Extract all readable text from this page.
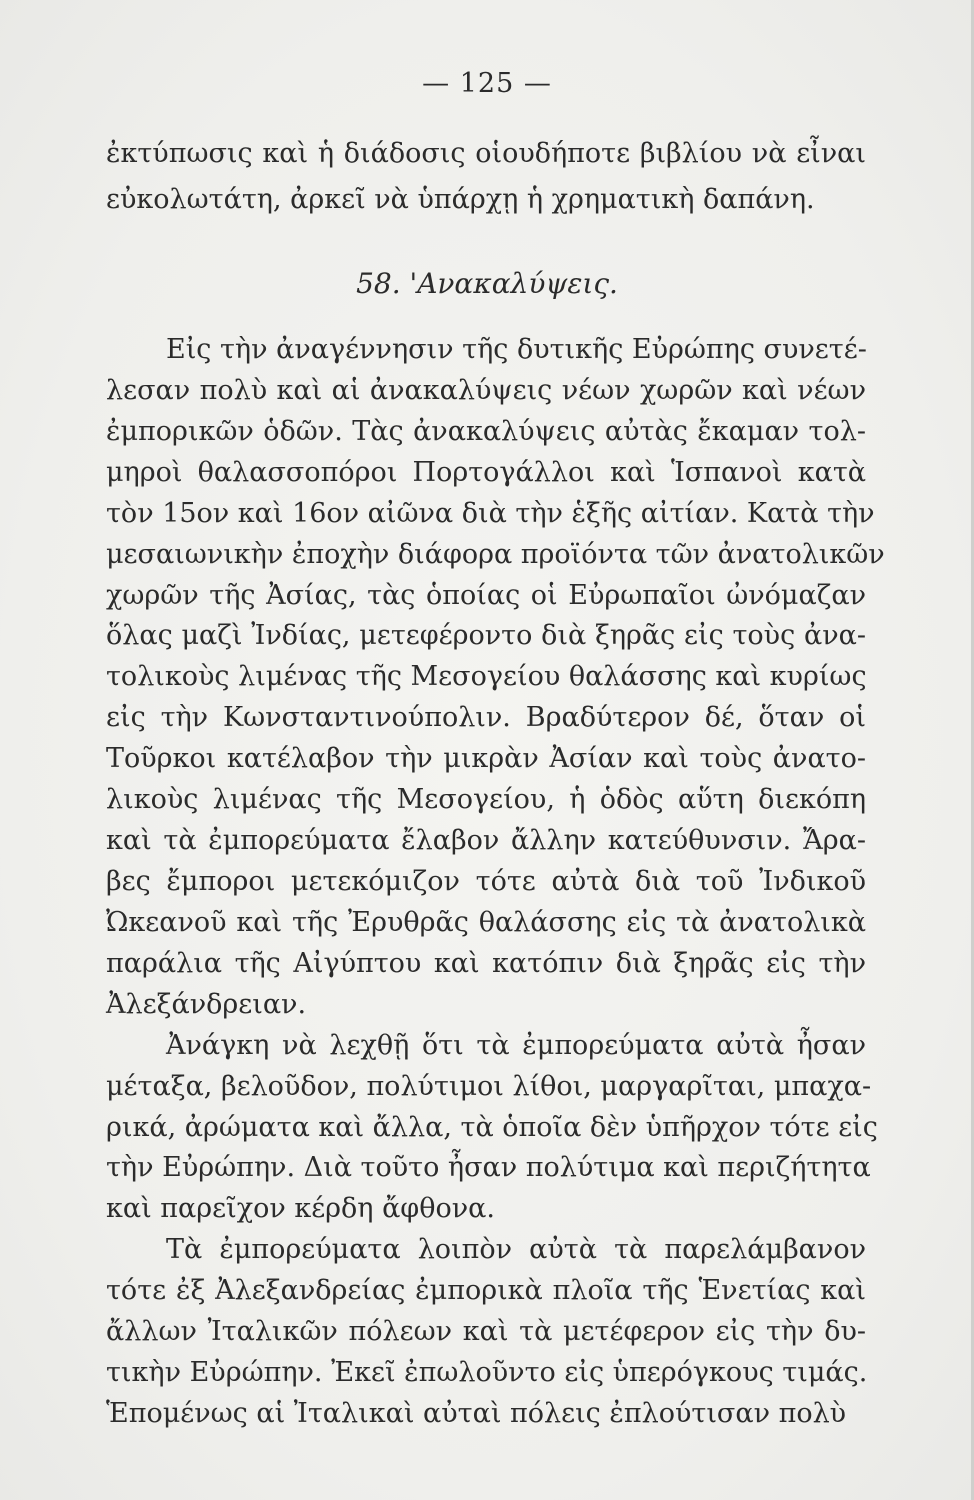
— 125 —
ἐκτύπωσις καὶ ἡ διάδοσις οἱουδήποτε βιβλίου νὰ εἶναι
εὐκολωτάτη, ἀρκεῖ νὰ ὑπάρχῃ ἡ χρηματικὴ δαπάνη.
58. 'Ανακαλύψεις.
Εἰς τὴν ἀναγέννησιν τῆς δυτικῆς Εὐρώπης συνετέ-
λεσαν πολὺ καὶ αἱ ἀνακαλύψεις νέων χωρῶν καὶ νέων
ἐμπορικῶν ὁδῶν. Τὰς ἀνακαλύψεις αὐτὰς ἔκαμαν τολ-
μηροὶ θαλασσοπόροι Πορτογάλλοι καὶ Ἱσπανοὶ κατὰ
τὸν 15ον καὶ 16ον αἰῶνα διὰ τὴν ἑξῆς αἰτίαν. Κατὰ τὴν
μεσαιωνικὴν ἐποχὴν διάφορα προϊόντα τῶν ἀνατολικῶν
χωρῶν τῆς Ἀσίας, τὰς ὁποίας οἱ Εὐρωπαῖοι ὠνόμαζαν
ὅλας μαζὶ Ἰνδίας, μετεφέροντο διὰ ξηρᾶς εἰς τοὺς ἀνα-
τολικοὺς λιμένας τῆς Μεσογείου θαλάσσης καὶ κυρίως
εἰς τὴν Κωνσταντινούπολιν. Βραδύτερον δέ, ὅταν οἱ
Τοῦρκοι κατέλαβον τὴν μικρὰν Ἀσίαν καὶ τοὺς ἀνατο-
λικοὺς λιμένας τῆς Μεσογείου, ἡ ὁδὸς αὕτη διεκόπη
καὶ τὰ ἐμπορεύματα ἔλαβον ἄλλην κατεύθυνσιν. Ἄρα-
βες ἔμποροι μετεκόμιζον τότε αὐτὰ διὰ τοῦ Ἰνδικοῦ
Ὠκεανοῦ καὶ τῆς Ἐρυθρᾶς θαλάσσης εἰς τὰ ἀνατολικὰ
παράλια τῆς Αἰγύπτου καὶ κατόπιν διὰ ξηρᾶς εἰς τὴν
Ἀλεξάνδρειαν.
Ἀνάγκη νὰ λεχθῇ ὅτι τὰ ἐμπορεύματα αὐτὰ ἦσαν
μέταξα, βελοῦδον, πολύτιμοι λίθοι, μαργαρῖται, μπαχα-
ρικά, ἀρώματα καὶ ἄλλα, τὰ ὁποῖα δὲν ὑπῆρχον τότε εἰς
τὴν Εὐρώπην. Διὰ τοῦτο ἦσαν πολύτιμα καὶ περιζήτητα
καὶ παρεῖχον κέρδη ἄφθονα.
Τὰ ἐμπορεύματα λοιπὸν αὐτὰ τὰ παρελάμβανον
τότε ἐξ Ἀλεξανδρείας ἐμπορικὰ πλοῖα τῆς Ἑνετίας καὶ
ἄλλων Ἰταλικῶν πόλεων καὶ τὰ μετέφερον εἰς τὴν δυ-
τικὴν Εὐρώπην. Ἐκεῖ ἐπωλοῦντο εἰς ὑπερόγκους τιμάς.
Ἑπομένως αἱ Ἰταλικαὶ αὐταὶ πόλεις ἐπλούτισαν πολὺ
